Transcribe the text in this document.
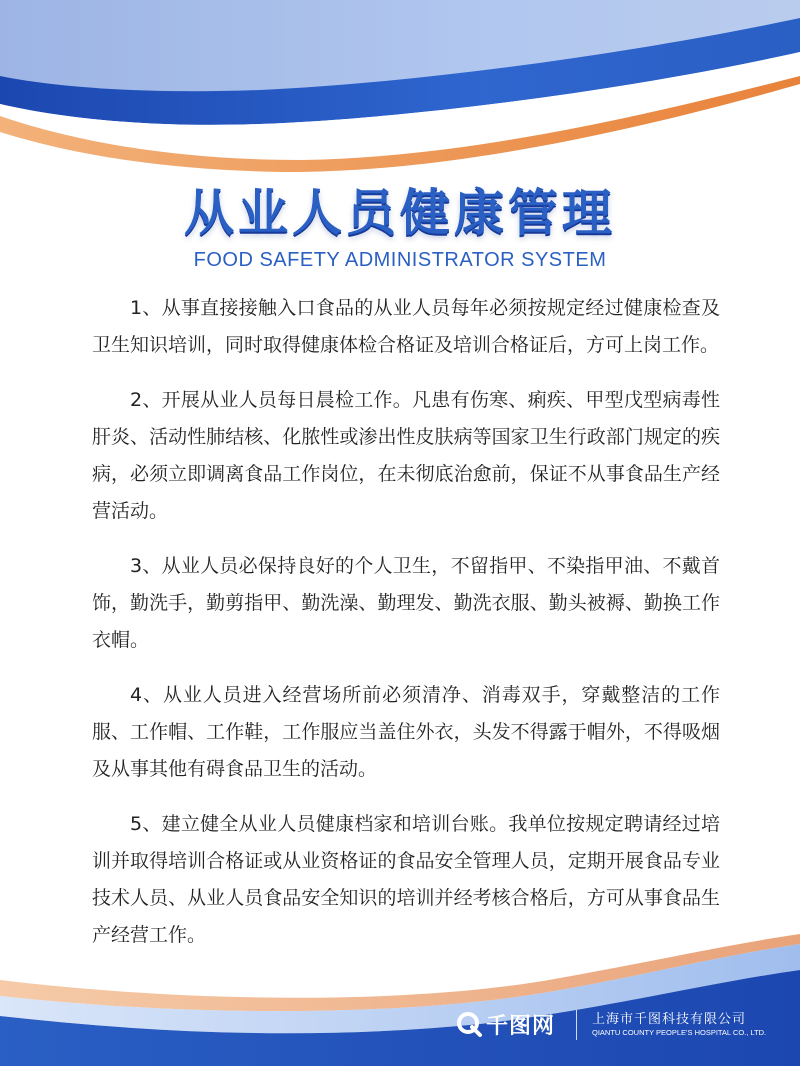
从业人员健康管理
FOOD SAFETY ADMINISTRATOR SYSTEM

1、从事直接接触入口食品的从业人员每年必须按规定经过健康检查及卫生知识培训，同时取得健康体检合格证及培训合格证后，方可上岗工作。

2、开展从业人员每日晨检工作。凡患有伤寒、痢疾、甲型戊型病毒性肝炎、活动性肺结核、化脓性或渗出性皮肤病等国家卫生行政部门规定的疾病，必须立即调离食品工作岗位，在未彻底治愈前，保证不从事食品生产经营活动。

3、从业人员必保持良好的个人卫生，不留指甲、不染指甲油、不戴首饰，勤洗手，勤剪指甲、勤洗澡、勤理发、勤洗衣服、勤头被褥、勤换工作衣帽。

4、从业人员进入经营场所前必须清净、消毒双手，穿戴整洁的工作服、工作帽、工作鞋，工作服应当盖住外衣，头发不得露于帽外，不得吸烟及从事其他有碍食品卫生的活动。

5、建立健全从业人员健康档家和培训台账。我单位按规定聘请经过培训并取得培训合格证或从业资格证的食品安全管理人员，定期开展食品专业技术人员、从业人员食品安全知识的培训并经考核合格后，方可从事食品生产经营工作。

千图网	上海市千图科技有限公司
QIANTU COUNTY PEOPLE'S HOSPITAL CO., LTD.
